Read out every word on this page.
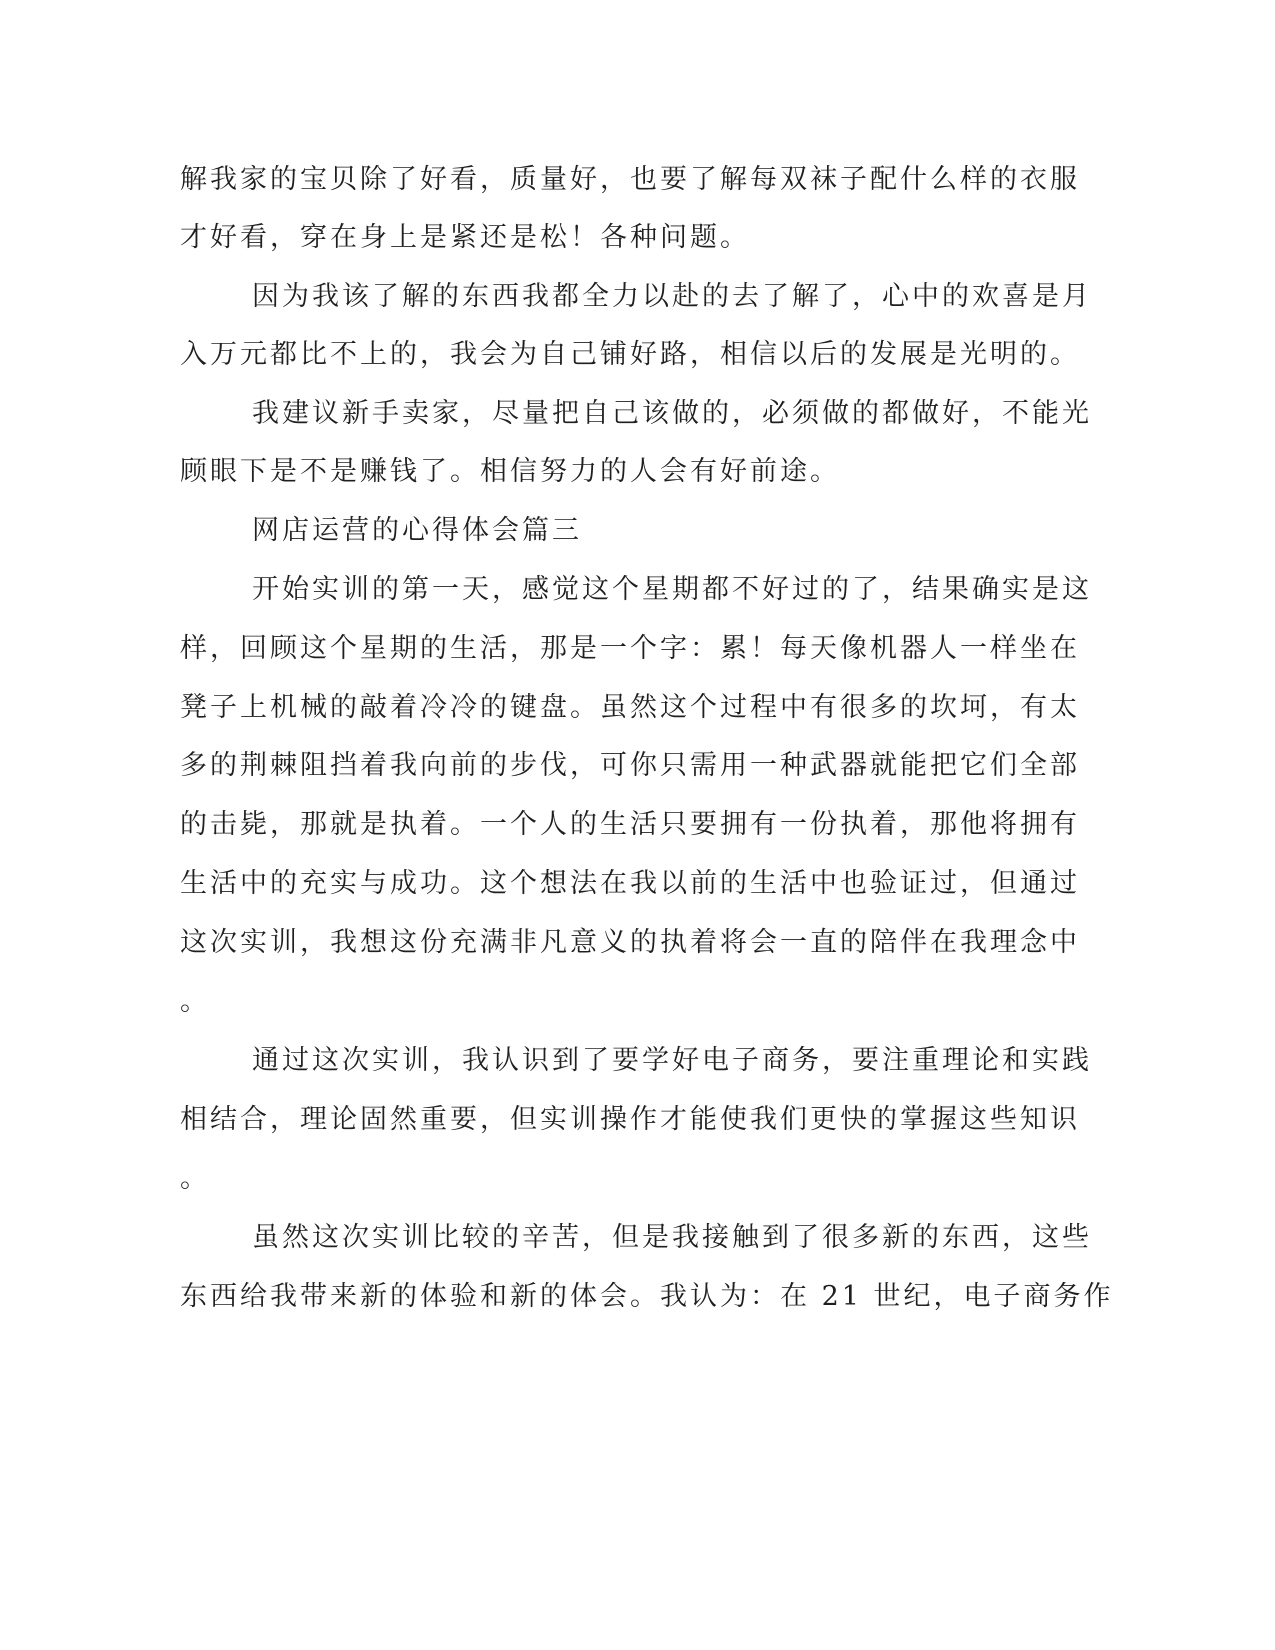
解我家的宝贝除了好看，质量好，也要了解每双袜子配什么样的衣服
才好看，穿在身上是紧还是松！各种问题。
因为我该了解的东西我都全力以赴的去了解了，心中的欢喜是月
入万元都比不上的，我会为自己铺好路，相信以后的发展是光明的。
我建议新手卖家，尽量把自己该做的，必须做的都做好，不能光
顾眼下是不是赚钱了。相信努力的人会有好前途。
网店运营的心得体会篇三
开始实训的第一天，感觉这个星期都不好过的了，结果确实是这
样，回顾这个星期的生活，那是一个字：累！每天像机器人一样坐在
凳子上机械的敲着冷冷的键盘。虽然这个过程中有很多的坎坷，有太
多的荆棘阻挡着我向前的步伐，可你只需用一种武器就能把它们全部
的击毙，那就是执着。一个人的生活只要拥有一份执着，那他将拥有
生活中的充实与成功。这个想法在我以前的生活中也验证过，但通过
这次实训，我想这份充满非凡意义的执着将会一直的陪伴在我理念中
。
通过这次实训，我认识到了要学好电子商务，要注重理论和实践
相结合，理论固然重要，但实训操作才能使我们更快的掌握这些知识
。
虽然这次实训比较的辛苦，但是我接触到了很多新的东西，这些
东西给我带来新的体验和新的体会。我认为：在 21 世纪，电子商务作
